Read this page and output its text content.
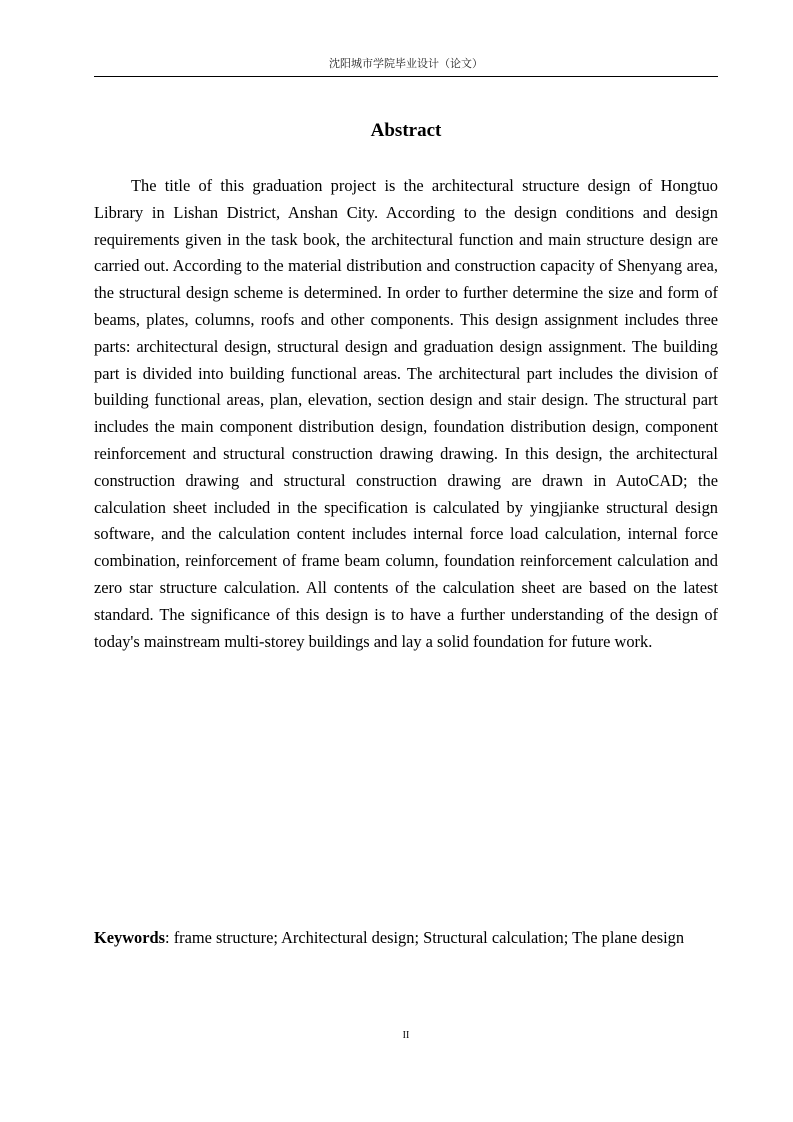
沈阳城市学院毕业设计（论文）
Abstract

The title of this graduation project is the architectural structure design of Hongtuo Library in Lishan District, Anshan City. According to the design conditions and design requirements given in the task book, the architectural function and main structure design are carried out. According to the material distribution and construction capacity of Shenyang area, the structural design scheme is determined. In order to further determine the size and form of beams, plates, columns, roofs and other components. This design assignment includes three parts: architectural design, structural design and graduation design assignment. The building part is divided into building functional areas. The architectural part includes the division of building functional areas, plan, elevation, section design and stair design. The structural part includes the main component distribution design, foundation distribution design, component reinforcement and structural construction drawing drawing. In this design, the architectural construction drawing and structural construction drawing are drawn in AutoCAD; the calculation sheet included in the specification is calculated by yingjianke structural design software, and the calculation content includes internal force load calculation, internal force combination, reinforcement of frame beam column, foundation reinforcement calculation and zero star structure calculation. All contents of the calculation sheet are based on the latest standard. The significance of this design is to have a further understanding of the design of today's mainstream multi-storey buildings and lay a solid foundation for future work.

Keywords: frame structure; Architectural design; Structural calculation; The plane design

II
